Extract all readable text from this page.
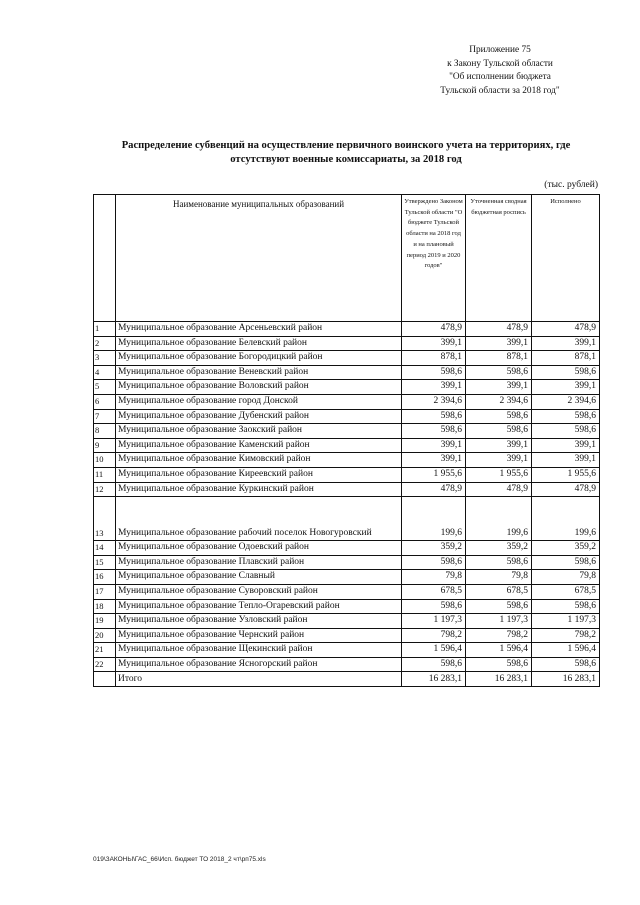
Приложение 75
к Закону Тульской области
"Об исполнении бюджета
Тульской области за 2018 год"
Распределение субвенций на осуществление первичного воинского учета на территориях, где
отсутствуют военные комиссариаты, за 2018 год
(тыс. рублей)
	Наименование муниципальных образований	Утверждено Законом Тульской области "О бюджете Тульской области на 2018 год и на плановый период 2019 и 2020 годов"	Уточненная сводная бюджетная роспись	Исполнено
1	Муниципальное образование Арсеньевский район	478,9	478,9	478,9
2	Муниципальное образование Белевский район	399,1	399,1	399,1
3	Муниципальное образование Богородицкий район	878,1	878,1	878,1
4	Муниципальное образование Веневский район	598,6	598,6	598,6
5	Муниципальное образование Воловский район	399,1	399,1	399,1
6	Муниципальное образование город Донской	2 394,6	2 394,6	2 394,6
7	Муниципальное образование Дубенский район	598,6	598,6	598,6
8	Муниципальное образование Заокский район	598,6	598,6	598,6
9	Муниципальное образование Каменский район	399,1	399,1	399,1
10	Муниципальное образование Кимовский район	399,1	399,1	399,1
11	Муниципальное образование Киреевский район	1 955,6	1 955,6	1 955,6
12	Муниципальное образование Куркинский район	478,9	478,9	478,9
13	Муниципальное образование рабочий поселок Новогуровский	199,6	199,6	199,6
14	Муниципальное образование Одоевский район	359,2	359,2	359,2
15	Муниципальное образование Плавский район	598,6	598,6	598,6
16	Муниципальное образование Славный	79,8	79,8	79,8
17	Муниципальное образование Суворовский район	678,5	678,5	678,5
18	Муниципальное образование Тепло-Огаревский район	598,6	598,6	598,6
19	Муниципальное образование Узловский район	1 197,3	1 197,3	1 197,3
20	Муниципальное образование Чернский район	798,2	798,2	798,2
21	Муниципальное образование Щекинский район	1 596,4	1 596,4	1 596,4
22	Муниципальное образование Ясногорский район	598,6	598,6	598,6
	Итого	16 283,1	16 283,1	16 283,1
019\ЗАКОНЫ\ГАС_66\Исп. бюджет ТО 2018_2 чт\рп75.xls
